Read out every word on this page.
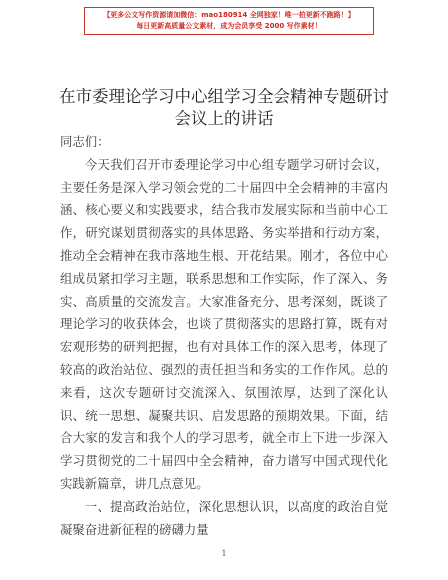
【更多公文写作资源请加微信：mao180914 全网独家！唯一拍更新不跑路！】
每日更新高质量公文素材，成为会员享受 2000 写作素材！
在市委理论学习中心组学习全会精神专题研讨
会议上的讲话

同志们：

今天我们召开市委理论学习中心组专题学习研讨会议，主要任务是深入学习领会党的二十届四中全会精神的丰富内涵、核心要义和实践要求，结合我市发展实际和当前中心工作，研究谋划贯彻落实的具体思路、务实举措和行动方案，推动全会精神在我市落地生根、开花结果。刚才，各位中心组成员紧扣学习主题，联系思想和工作实际，作了深入、务实、高质量的交流发言。大家准备充分、思考深刻，既谈了理论学习的收获体会，也谈了贯彻落实的思路打算，既有对宏观形势的研判把握，也有对具体工作的深入思考，体现了较高的政治站位、强烈的责任担当和务实的工作作风。总的来看，这次专题研讨交流深入、氛围浓厚，达到了深化认识、统一思想、凝聚共识、启发思路的预期效果。下面，结合大家的发言和我个人的学习思考，就全市上下进一步深入学习贯彻党的二十届四中全会精神，奋力谱写中国式现代化实践新篇章，讲几点意见。

一、提高政治站位，深化思想认识，以高度的政治自觉凝聚奋进新征程的磅礴力量

1
